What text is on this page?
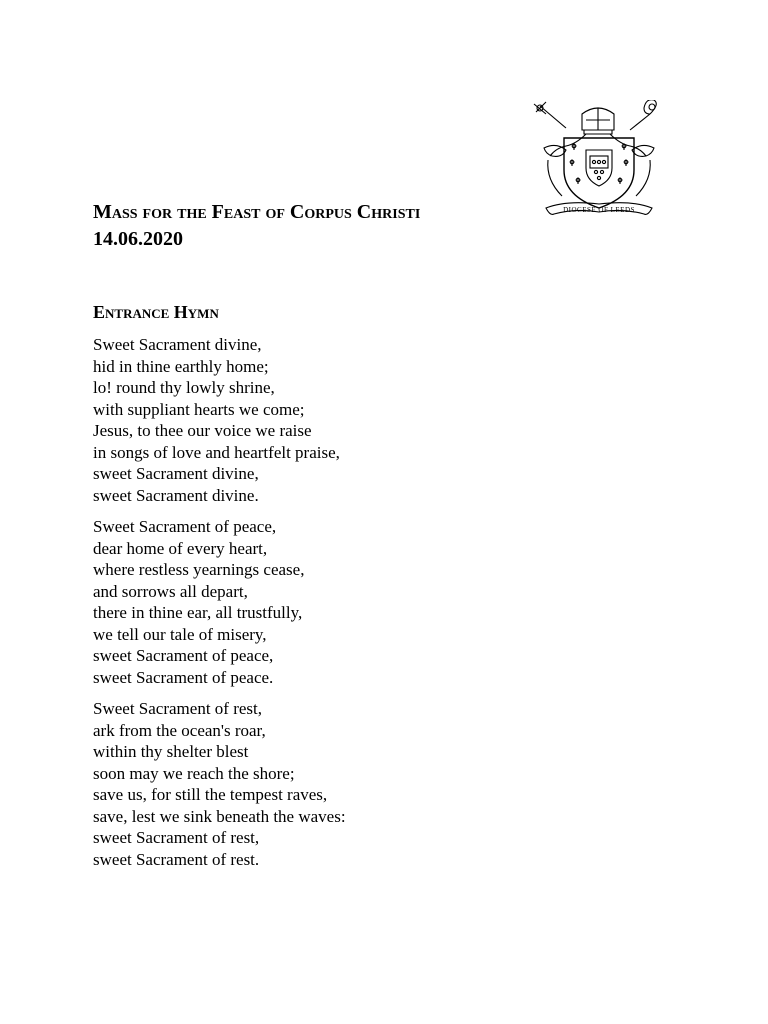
DIOCESE OF LEEDS
Mass for the Feast of Corpus Christi
14.06.2020
Entrance Hymn
Sweet Sacrament divine,
hid in thine earthly home;
lo! round thy lowly shrine,
with suppliant hearts we come;
Jesus, to thee our voice we raise
in songs of love and heartfelt praise,
sweet Sacrament divine,
sweet Sacrament divine.
Sweet Sacrament of peace,
dear home of every heart,
where restless yearnings cease,
and sorrows all depart,
there in thine ear, all trustfully,
we tell our tale of misery,
sweet Sacrament of peace,
sweet Sacrament of peace.
Sweet Sacrament of rest,
ark from the ocean's roar,
within thy shelter blest
soon may we reach the shore;
save us, for still the tempest raves,
save, lest we sink beneath the waves:
sweet Sacrament of rest,
sweet Sacrament of rest.
